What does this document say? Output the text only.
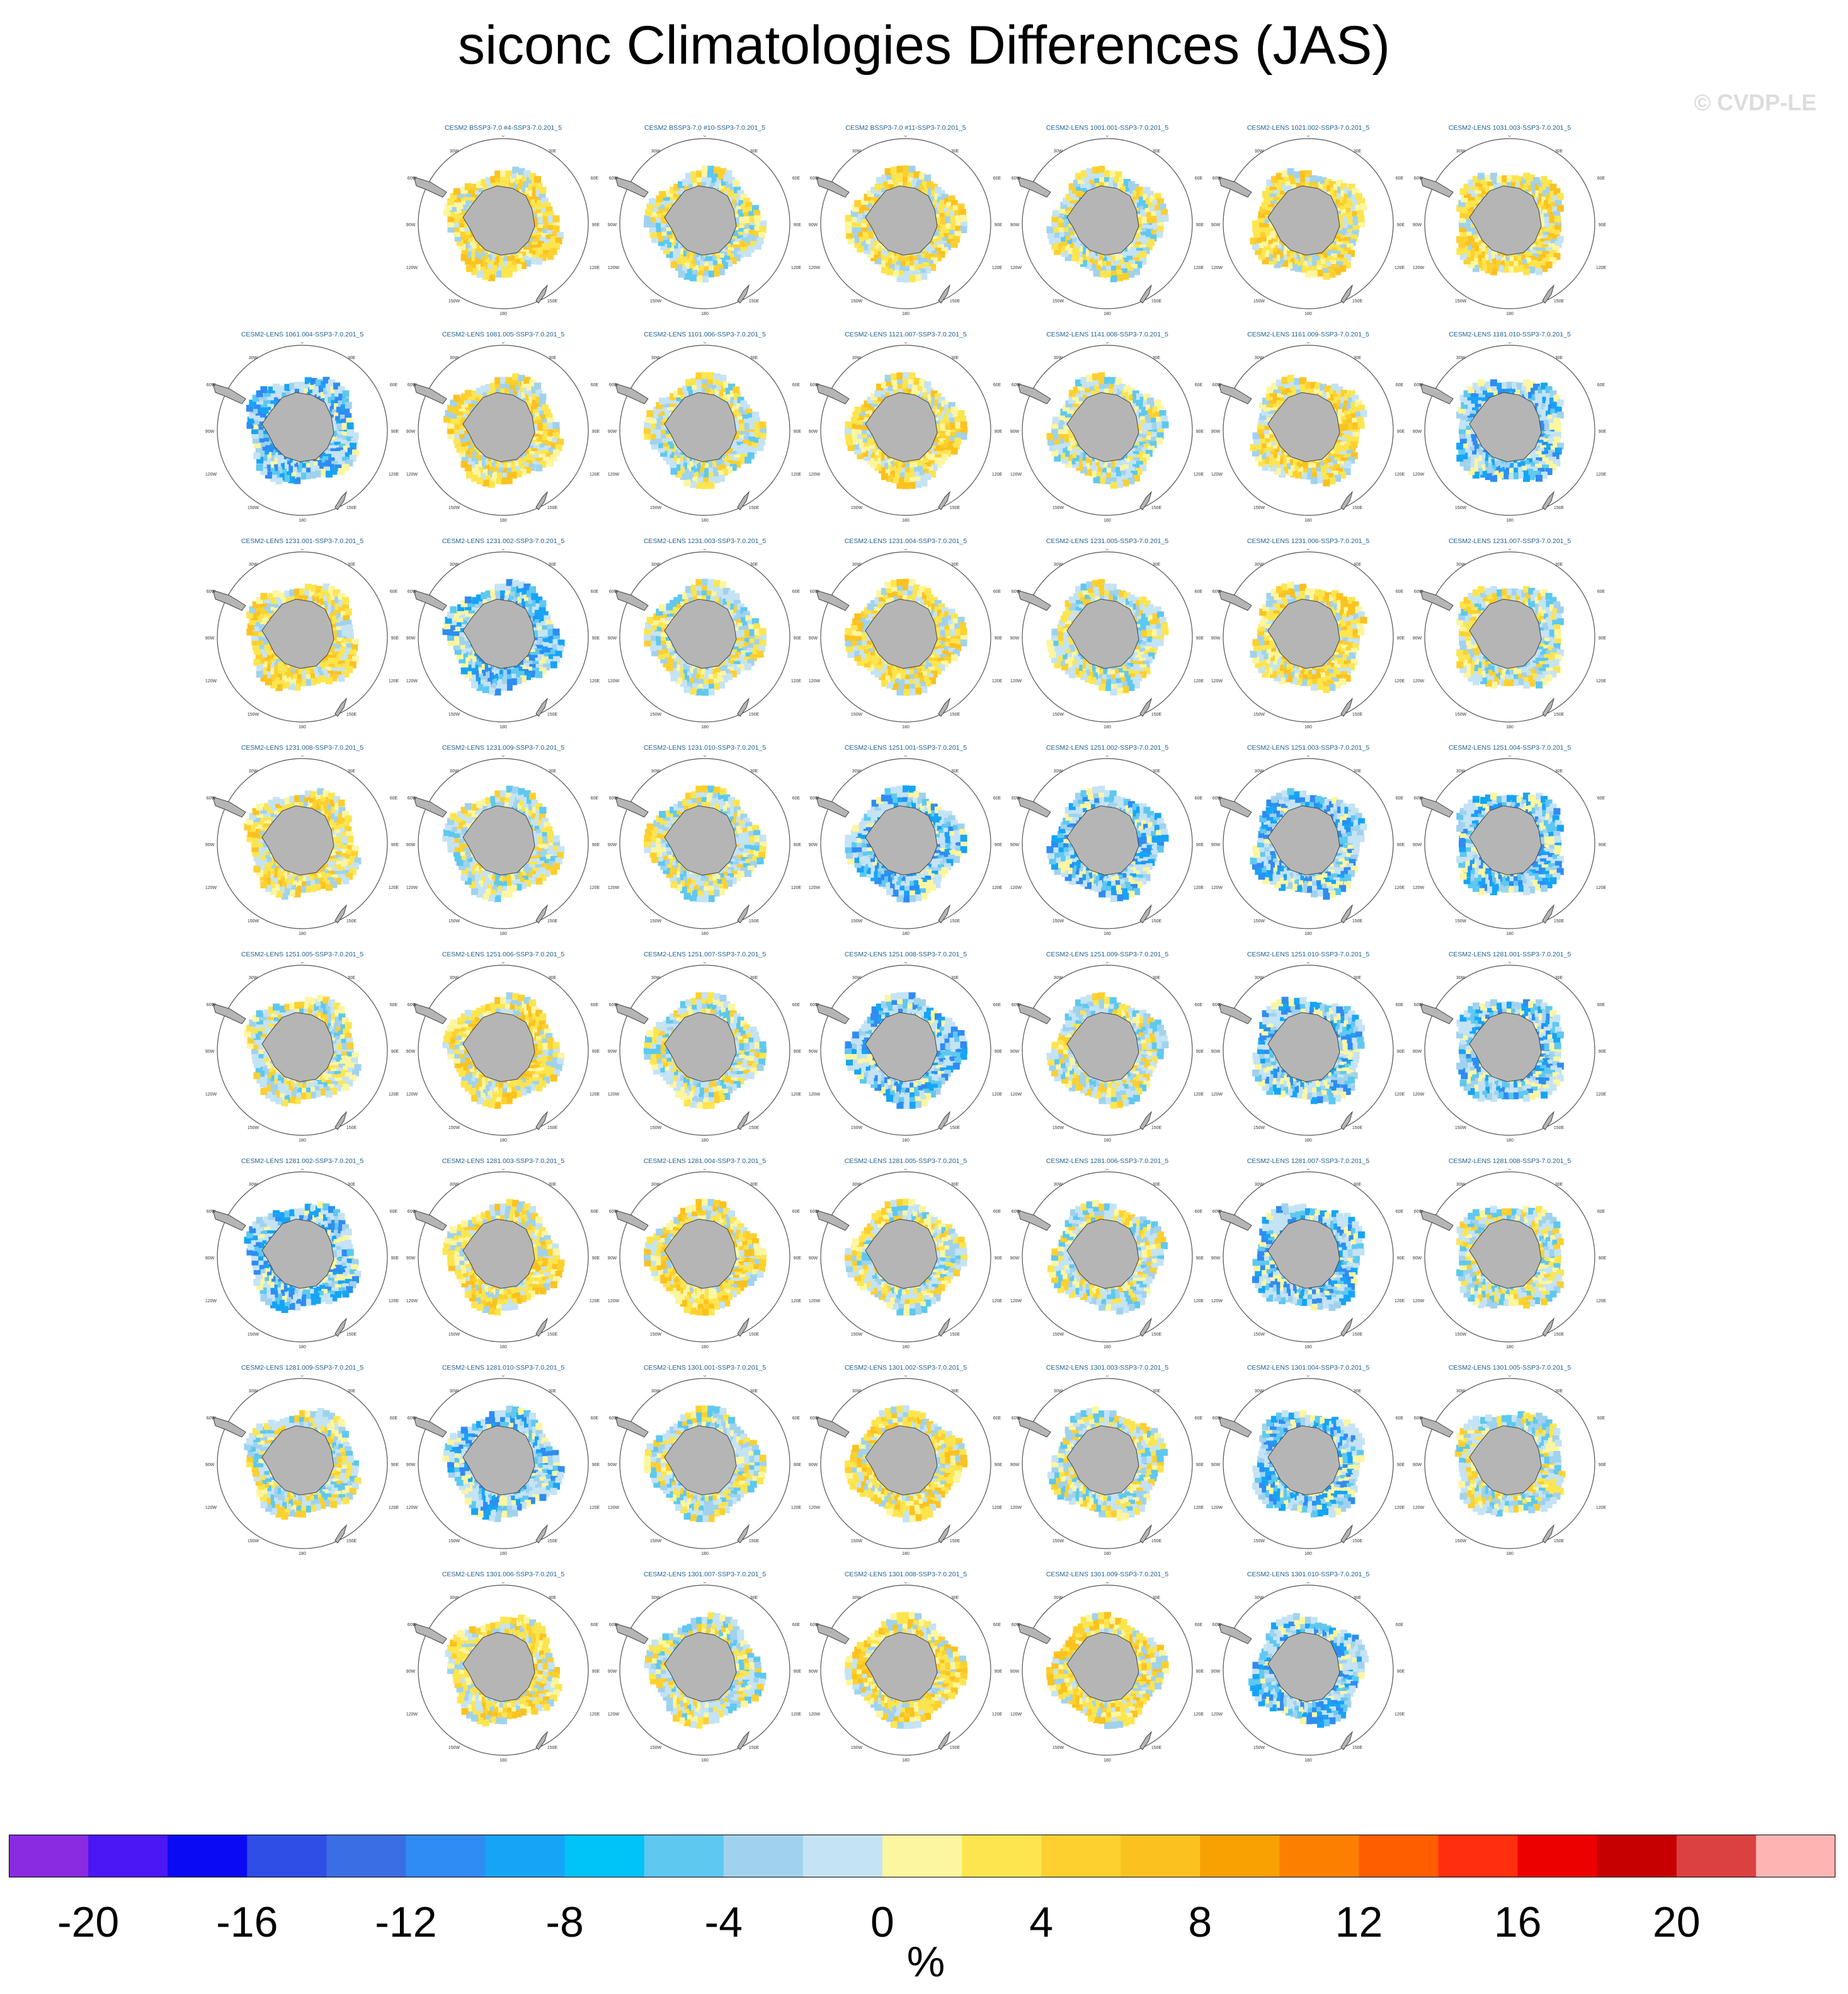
siconc Climatologies Differences (JAS)
© CVDP-LE
CESM2 BSSP3-7.0 #4-SSP3-7.0.201_5
0
30W	30E
60W	60E
90W	90E
120W	120E
150W	150E
180
CESM2 BSSP3-7.0 #10-SSP3-7.0.201_5
0
30W	30E
60W	60E
90W	90E
120W	120E
150W	150E
180
CESM2 BSSP3-7.0 #11-SSP3-7.0.201_5
0
30W	30E
60W	60E
90W	90E
120W	120E
150W	150E
180
CESM2-LENS 1001.001-SSP3-7.0.201_5
0
30W	30E
60W	60E
90W	90E
120W	120E
150W	150E
180
CESM2-LENS 1021.002-SSP3-7.0.201_5
0
30W	30E
60W	60E
90W	90E
120W	120E
150W	150E
180
CESM2-LENS 1031.003-SSP3-7.0.201_5
0
30W	30E
60W	60E
90W	90E
120W	120E
150W	150E
180
CESM2-LENS 1061.004-SSP3-7.0.201_5
0
30W	30E
60W	60E
90W	90E
120W	120E
150W	150E
180
CESM2-LENS 1081.005-SSP3-7.0.201_5
0
30W	30E
60W	60E
90W	90E
120W	120E
150W	150E
180
CESM2-LENS 1101.006-SSP3-7.0.201_5
0
30W	30E
60W	60E
90W	90E
120W	120E
150W	150E
180
CESM2-LENS 1121.007-SSP3-7.0.201_5
0
30W	30E
60W	60E
90W	90E
120W	120E
150W	150E
180
CESM2-LENS 1141.008-SSP3-7.0.201_5
0
30W	30E
60W	60E
90W	90E
120W	120E
150W	150E
180
CESM2-LENS 1161.009-SSP3-7.0.201_5
0
30W	30E
60W	60E
90W	90E
120W	120E
150W	150E
180
CESM2-LENS 1181.010-SSP3-7.0.201_5
0
30W	30E
60W	60E
90W	90E
120W	120E
150W	150E
180
CESM2-LENS 1231.001-SSP3-7.0.201_5
0
30W	30E
60W	60E
90W	90E
120W	120E
150W	150E
180
CESM2-LENS 1231.002-SSP3-7.0.201_5
0
30W	30E
60W	60E
90W	90E
120W	120E
150W	150E
180
CESM2-LENS 1231.003-SSP3-7.0.201_5
0
30W	30E
60W	60E
90W	90E
120W	120E
150W	150E
180
CESM2-LENS 1231.004-SSP3-7.0.201_5
0
30W	30E
60W	60E
90W	90E
120W	120E
150W	150E
180
CESM2-LENS 1231.005-SSP3-7.0.201_5
0
30W	30E
60W	60E
90W	90E
120W	120E
150W	150E
180
CESM2-LENS 1231.006-SSP3-7.0.201_5
0
30W	30E
60W	60E
90W	90E
120W	120E
150W	150E
180
CESM2-LENS 1231.007-SSP3-7.0.201_5
0
30W	30E
60W	60E
90W	90E
120W	120E
150W	150E
180
CESM2-LENS 1231.008-SSP3-7.0.201_5
0
30W	30E
60W	60E
90W	90E
120W	120E
150W	150E
180
CESM2-LENS 1231.009-SSP3-7.0.201_5
0
30W	30E
60W	60E
90W	90E
120W	120E
150W	150E
180
CESM2-LENS 1231.010-SSP3-7.0.201_5
0
30W	30E
60W	60E
90W	90E
120W	120E
150W	150E
180
CESM2-LENS 1251.001-SSP3-7.0.201_5
0
30W	30E
60W	60E
90W	90E
120W	120E
150W	150E
180
CESM2-LENS 1251.002-SSP3-7.0.201_5
0
30W	30E
60W	60E
90W	90E
120W	120E
150W	150E
180
CESM2-LENS 1251.003-SSP3-7.0.201_5
0
30W	30E
60W	60E
90W	90E
120W	120E
150W	150E
180
CESM2-LENS 1251.004-SSP3-7.0.201_5
0
30W	30E
60W	60E
90W	90E
120W	120E
150W	150E
180
CESM2-LENS 1251.005-SSP3-7.0.201_5
0
30W	30E
60W	60E
90W	90E
120W	120E
150W	150E
180
CESM2-LENS 1251.006-SSP3-7.0.201_5
0
30W	30E
60W	60E
90W	90E
120W	120E
150W	150E
180
CESM2-LENS 1251.007-SSP3-7.0.201_5
0
30W	30E
60W	60E
90W	90E
120W	120E
150W	150E
180
CESM2-LENS 1251.008-SSP3-7.0.201_5
0
30W	30E
60W	60E
90W	90E
120W	120E
150W	150E
180
CESM2-LENS 1251.009-SSP3-7.0.201_5
0
30W	30E
60W	60E
90W	90E
120W	120E
150W	150E
180
CESM2-LENS 1251.010-SSP3-7.0.201_5
0
30W	30E
60W	60E
90W	90E
120W	120E
150W	150E
180
CESM2-LENS 1281.001-SSP3-7.0.201_5
0
30W	30E
60W	60E
90W	90E
120W	120E
150W	150E
180
CESM2-LENS 1281.002-SSP3-7.0.201_5
0
30W	30E
60W	60E
90W	90E
120W	120E
150W	150E
180
CESM2-LENS 1281.003-SSP3-7.0.201_5
0
30W	30E
60W	60E
90W	90E
120W	120E
150W	150E
180
CESM2-LENS 1281.004-SSP3-7.0.201_5
0
30W	30E
60W	60E
90W	90E
120W	120E
150W	150E
180
CESM2-LENS 1281.005-SSP3-7.0.201_5
0
30W	30E
60W	60E
90W	90E
120W	120E
150W	150E
180
CESM2-LENS 1281.006-SSP3-7.0.201_5
0
30W	30E
60W	60E
90W	90E
120W	120E
150W	150E
180
CESM2-LENS 1281.007-SSP3-7.0.201_5
0
30W	30E
60W	60E
90W	90E
120W	120E
150W	150E
180
CESM2-LENS 1281.008-SSP3-7.0.201_5
0
30W	30E
60W	60E
90W	90E
120W	120E
150W	150E
180
CESM2-LENS 1281.009-SSP3-7.0.201_5
0
30W	30E
60W	60E
90W	90E
120W	120E
150W	150E
180
CESM2-LENS 1281.010-SSP3-7.0.201_5
0
30W	30E
60W	60E
90W	90E
120W	120E
150W	150E
180
CESM2-LENS 1301.001-SSP3-7.0.201_5
0
30W	30E
60W	60E
90W	90E
120W	120E
150W	150E
180
CESM2-LENS 1301.002-SSP3-7.0.201_5
0
30W	30E
60W	60E
90W	90E
120W	120E
150W	150E
180
CESM2-LENS 1301.003-SSP3-7.0.201_5
0
30W	30E
60W	60E
90W	90E
120W	120E
150W	150E
180
CESM2-LENS 1301.004-SSP3-7.0.201_5
0
30W	30E
60W	60E
90W	90E
120W	120E
150W	150E
180
CESM2-LENS 1301.005-SSP3-7.0.201_5
0
30W	30E
60W	60E
90W	90E
120W	120E
150W	150E
180
CESM2-LENS 1301.006-SSP3-7.0.201_5
0
30W	30E
60W	60E
90W	90E
120W	120E
150W	150E
180
CESM2-LENS 1301.007-SSP3-7.0.201_5
0
30W	30E
60W	60E
90W	90E
120W	120E
150W	150E
180
CESM2-LENS 1301.008-SSP3-7.0.201_5
0
30W	30E
60W	60E
90W	90E
120W	120E
150W	150E
180
CESM2-LENS 1301.009-SSP3-7.0.201_5
0
30W	30E
60W	60E
90W	90E
120W	120E
150W	150E
180
CESM2-LENS 1301.010-SSP3-7.0.201_5
0
30W	30E
60W	60E
90W	90E
120W	120E
150W	150E
180
-20	-16	-12	-8	-4	0	4	8	12	16	20
%
